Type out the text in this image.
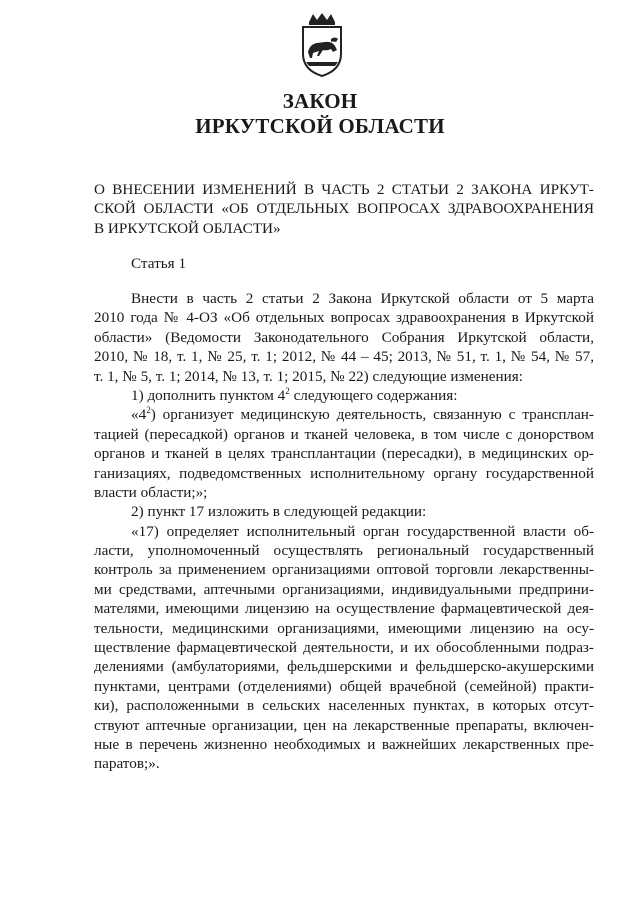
ЗАКОН
ИРКУТСКОЙ ОБЛАСТИ
О ВНЕСЕНИИ ИЗМЕНЕНИЙ В ЧАСТЬ 2 СТАТЬИ 2 ЗАКОНА ИРКУТ-
СКОЙ ОБЛАСТИ «ОБ ОТДЕЛЬНЫХ ВОПРОСАХ ЗДРАВООХРАНЕНИЯ
В ИРКУТСКОЙ ОБЛАСТИ»
Статья 1
Внести в часть 2 статьи 2 Закона Иркутской области от 5 марта
2010 года № 4-ОЗ «Об отдельных вопросах здравоохранения в Иркутской
области» (Ведомости Законодательного Собрания Иркутской области,
2010, № 18, т. 1, № 25, т. 1; 2012, № 44 – 45; 2013, № 51, т. 1, № 54, № 57,
т. 1, № 5, т. 1; 2014, № 13, т. 1; 2015, № 22) следующие изменения:
1) дополнить пунктом $4^2$ следующего содержания:
«$4^2$) организует медицинскую деятельность, связанную с трансплан-
тацией (пересадкой) органов и тканей человека, в том числе с донорством
органов и тканей в целях трансплантации (пересадки), в медицинских ор-
ганизациях, подведомственных исполнительному органу государственной
власти области;»;
2) пункт 17 изложить в следующей редакции:
«17) определяет исполнительный орган государственной власти об-
ласти, уполномоченный осуществлять региональный государственный
контроль за применением организациями оптовой торговли лекарственны-
ми средствами, аптечными организациями, индивидуальными предприни-
мателями, имеющими лицензию на осуществление фармацевтической дея-
тельности, медицинскими организациями, имеющими лицензию на осу-
ществление фармацевтической деятельности, и их обособленными подраз-
делениями (амбулаториями, фельдшерскими и фельдшерско-акушерскими
пунктами, центрами (отделениями) общей врачебной (семейной) практи-
ки), расположенными в сельских населенных пунктах, в которых отсут-
ствуют аптечные организации, цен на лекарственные препараты, включен-
ные в перечень жизненно необходимых и важнейших лекарственных пре-
паратов;».
